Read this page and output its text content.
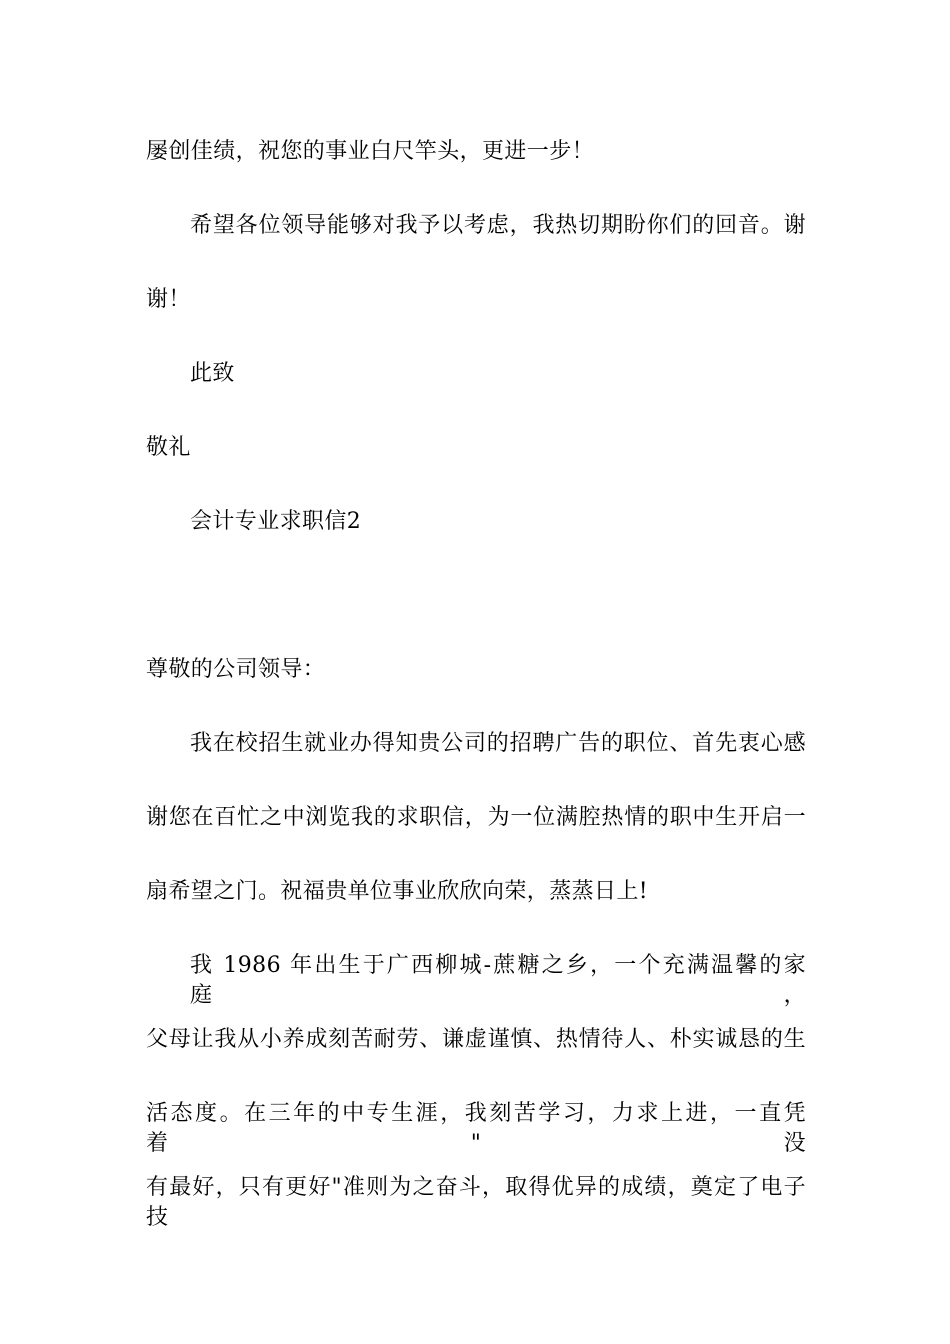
屡创佳绩，祝您的事业白尺竿头，更进一步！
希望各位领导能够对我予以考虑，我热切期盼你们的回音。谢
谢！
此致
敬礼
会计专业求职信2
尊敬的公司领导：
我在校招生就业办得知贵公司的招聘广告的职位、首先衷心感
谢您在百忙之中浏览我的求职信，为一位满腔热情的职中生开启一
扇希望之门。祝福贵单位事业欣欣向荣，蒸蒸日上!
我 1986 年出生于广西柳城-蔗糖之乡，一个充满温馨的家庭，
父母让我从小养成刻苦耐劳、谦虚谨慎、热情待人、朴实诚恳的生
活态度。在三年的中专生涯，我刻苦学习，力求上进，一直凭着"没
有最好，只有更好"准则为之奋斗，取得优异的成绩，奠定了电子技
